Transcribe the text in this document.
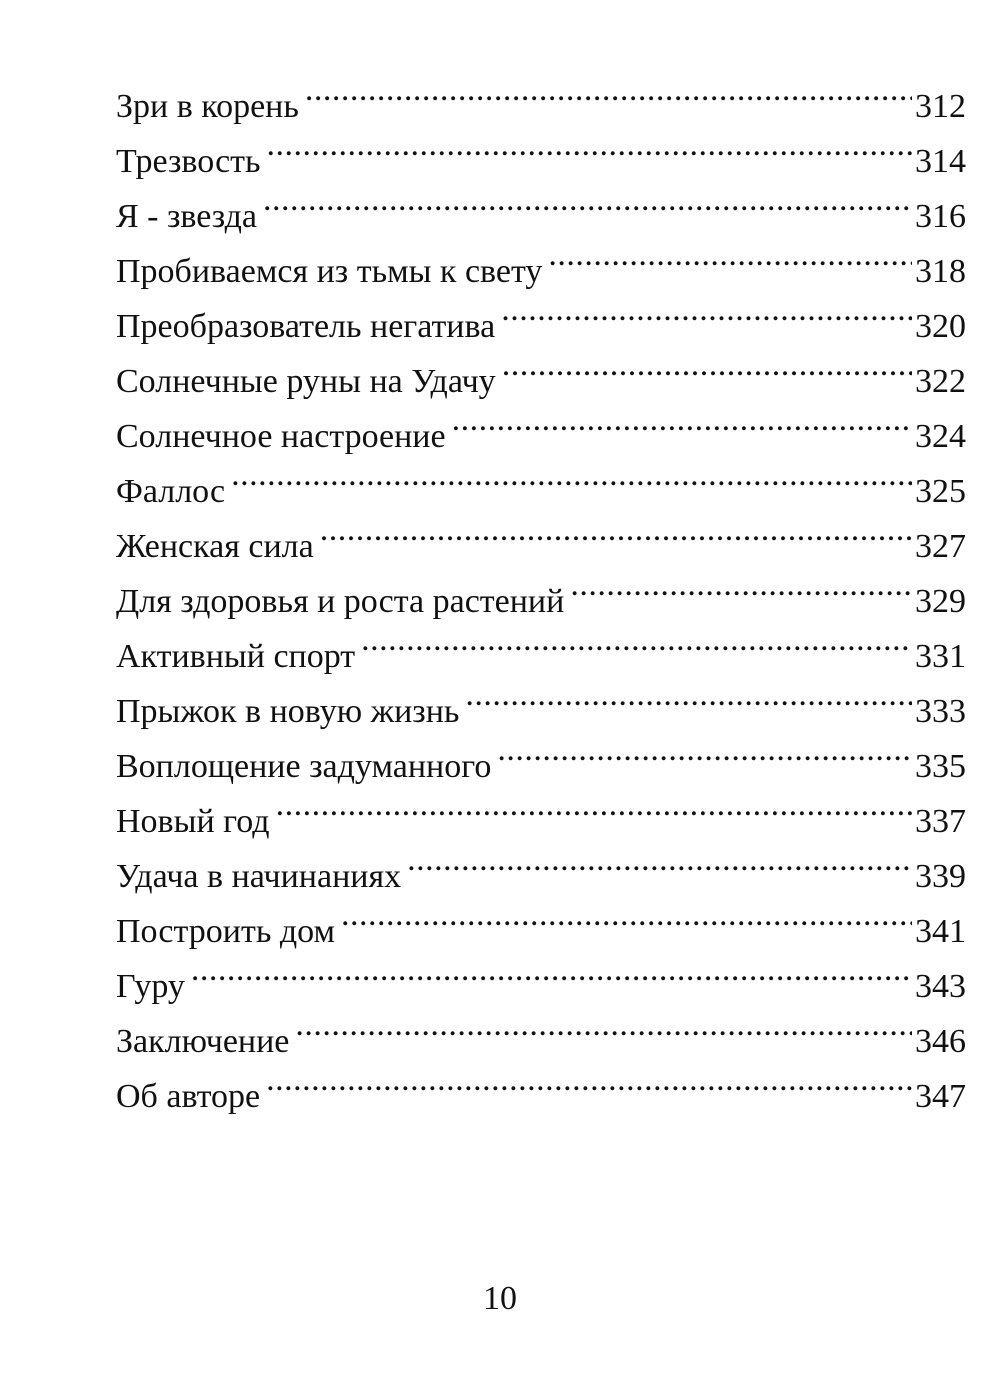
Зри в корень .....	312
Трезвость .....	314
Я - звезда .....	316
Пробиваемся из тьмы к свету .....	318
Преобразователь негатива .....	320
Солнечные руны на Удачу .....	322
Солнечное настроение .....	324
Фаллос .....	325
Женская сила .....	327
Для здоровья и роста растений .....	329
Активный спорт .....	331
Прыжок в новую жизнь .....	333
Воплощение задуманного .....	335
Новый год .....	337
Удача в начинаниях .....	339
Построить дом .....	341
Гуру .....	343
Заключение .....	346
Об авторе .....	347
10
